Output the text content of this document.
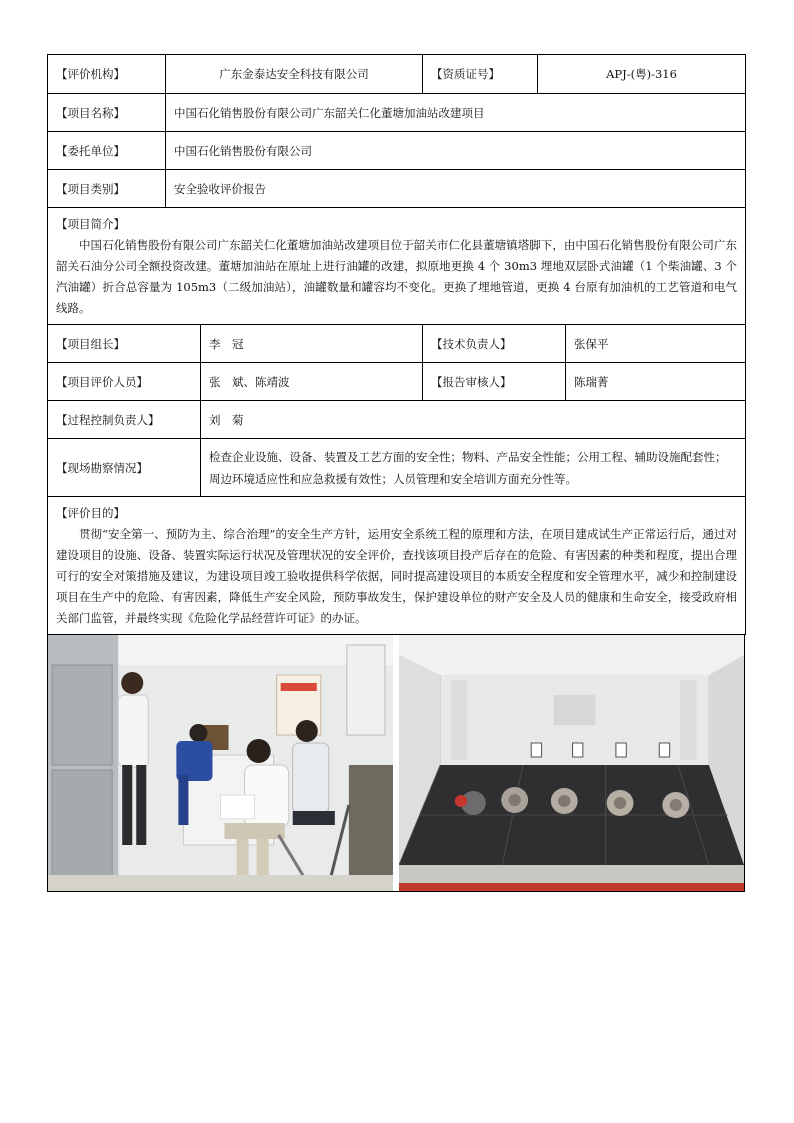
【评价机构】	广东金泰达安全科技有限公司		【资质证号】	APJ-(粤)-316	
【项目名称】	中国石化销售股份有限公司广东韶关仁化董塘加油站改建项目				
【委托单位】	中国石化销售股份有限公司				
【项目类别】	安全验收评价报告				

【项目简介】
中国石化销售股份有限公司广东韶关仁化董塘加油站改建项目位于韶关市仁化县董塘镇塔脚下，由中国石化销售股份有限公司广东韶关石油分公司全额投资改建。董塘加油站在原址上进行油罐的改建，拟原地更换 4 个 30m3 埋地双层卧式油罐（1 个柴油罐、3 个汽油罐）折合总容量为 105m3（二级加油站），油罐数量和罐容均不变化。更换了埋地管道，更换 4 台原有加油机的工艺管道和电气线路。					

【项目组长】		李　冠	【技术负责人】		张保平
【项目评价人员】		张　斌、陈靖波	【报告审核人】		陈瑞菁
【过程控制负责人】		刘　菊			
【现场勘察情况】		检查企业设施、设备、装置及工艺方面的安全性；物料、产品安全性能；公用工程、辅助设施配套性；周边环境适应性和应急救援有效性；人员管理和安全培训方面充分性等。			

【评价目的】
贯彻“安全第一、预防为主、综合治理”的安全生产方针，运用安全系统工程的原理和方法，在项目建成试生产正常运行后，通过对建设项目的设施、设备、装置实际运行状况及管理状况的安全评价，查找该项目投产后存在的危险、有害因素的种类和程度，提出合理可行的安全对策措施及建议，为建设项目竣工验收提供科学依据，同时提高建设项目的本质安全程度和安全管理水平，减少和控制建设项目在生产中的危险、有害因素，降低生产安全风险，预防事故发生，保护建设单位的财产安全及人员的健康和生命安全，接受政府相关部门监管，并最终实现《危险化学品经营许可证》的办证。					
